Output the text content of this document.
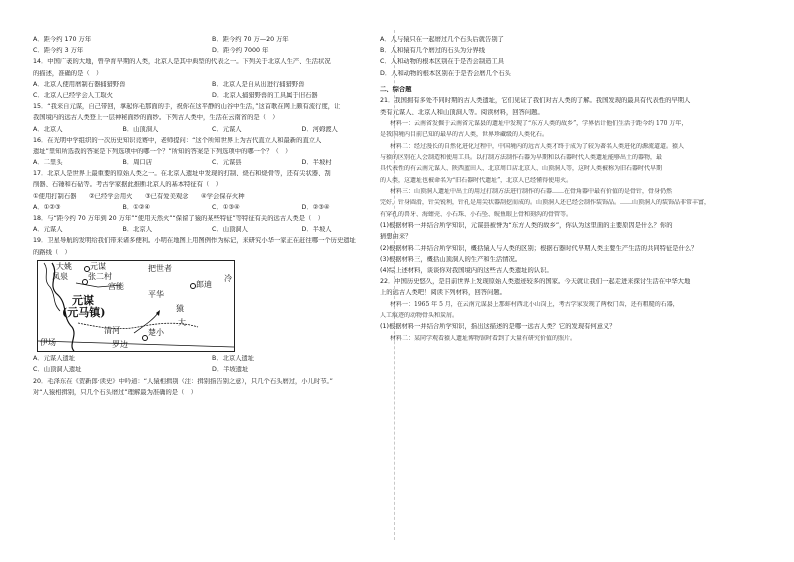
A．距今约 170 万年	B．距今约 70 万—20 万年
C．距今约 3 万年	D．距今约 7000 年
14．中国广袤的大地，曾孕育早期的人类，北京人是其中典型的代表之一。下列关于北京人生产、生活状况
的描述，准确的是（　）
A．北京人使用磨制石器捕猎野兽	B．北京人是自从出进行捕猎野兽
C．北京人已经学会人工取火	D．北京人捕猎野兽的工具属于旧石器
15．“我来自元谋，自己带回，拿起你毛那面的手，祝你在这平静的山谷中生活，”这首歌在网上颇有流行度，让
我国境内的远古人类登上一层神秘面纱的面纱。下列古人类中，生活在云南省的是（　）
A．北京人	B．山顶洞人	C．元谋人	D．河姆渡人
16．在光明中学组织的一次历史知识竞赛中，老师提问：“这个所知世界上为古代直立人和最新的直立人
遗址”里知所选我的答案是下列选项中的哪一个？”所知的答案是下列选项中的哪一个？（　）
A．二里头	B．周口店	C．元谋县	D．半坡村
17．北京人是世界上最重要的原始人类之一。在北京人遗址中发现的打制、烧石和烧骨等，还有尖状器、刮
削器、石锤和石砧等。考古学家据此推断北京人的基本特征有（　）
①使用打制石器　　②已经学会用火　　③已有爱美观念　　④学会保存火种
A．①②③	B．①②④	C．①③④	D．②③④
18．与“距今约 70 万年到 20 万年”“使用天然火”“保留了猿的某些特征”等特征有关的远古人类是（　）
A．元谋人	B．北京人	C．山顶洞人	D．半坡人
19．卫星导航的发明给我们带来诸多便利。小明在地图上用图例作为标记，来研究小华一家正在赶往哪一个历史遗址
的路线（　）
大姚 元谋
凤泉	张二村
宫能
把世者
冷
郎迪
平华
元谋
(元马镇)
清河	楚小
猿
大
伊场	罗边
A．元谋人遗址	B．北京人遗址
C．山顶洞人遗址	D．半坡遗址
20．毛泽东在《贺新郎·读史》中吟道：“人猿相揖别（注：揖别指告别之意），只几个石头磨过，小儿时节。”
对“人猿相揖别，只几个石头磨过”理解最为准确的是（　）
A．人与猿只在一起磨过几个石头后就告别了
B．人和猿有几个磨过的石头为分界线
C．人和动物的根本区别在于是否会制造工具
D．人和动物的根本区别在于是否会磨几个石头
二、综合题
21．我国拥有多处不同时期的古人类遗址，它们见证了我们对古人类的了解。我国发现的最具有代表性的早期人
类有元谋人、北京人和山顶洞人等。阅读材料，回答问题。
材料一：云南省发掘于云南省元谋县的遗址中发现了“东方人类的故乡”，学界估计他们生活于距今约 170 万年，
是我国境内目前已知的最早的古人类，世界珍藏级的人类化石。
材料二：经过漫长的自然化进化过程中，中国境内的远古人类才终于成为了较为著名人类进化的源流道道。猿人
与猿的区别在人会制造和使用工具。以打制方法制作石器为早期和以石器时代人类遗址能够出土的器物，最
具代表性的有云南元谋人、陕西蓝田人、北京周口店北京人、山顶洞人等，这时人类被称为旧石器时代早期
的人类，这遗址也被命名为“旧石器时代遗址”，北京人已经懂得使用火。
材料三：山顶洞人遗址中出土的用过打制方法进行制作的石器……在骨角器中最有价值的是骨针，骨身仍然
完好，针身圆滑，针尖锐利，针孔是用尖状器刮挖而成的。山顶洞人还已经会制作装饰品。……山顶洞人的装饰品非常丰富，
有穿孔的兽牙、海蚶壳、小石珠、小石坠、鲩鱼眼上骨和刻沟的骨管等。
(1)根据材料一并结合所学知识，元谋县被誉为“东方人类的故乡”，你认为这里面的主要原因是什么？你的
猜想由来？
(2)根据材料二并结合所学知识，概括猿人与人类的区别；根据石器时代早期人类主要生产生活的共同特征是什么？
(3)根据材料三，概括山顶洞人的生产和生活情况。
(4)综上述材料，谈谈你对我国境内的这些古人类遗址的认识。
22．中国历史悠久，是目前世界上发现原始人类遗迹较多的国家。今天就让我们一起走进来探讨生活在中华大地
上的远古人类吧！阅读下列材料，回答问题。
材料一：1965 年 5 月，在云南元谋县上那蚌村西北小山岗上，考古学家发现了两枚门齿，还有粗糙的石器，
人工痕迹的动物骨头和炭屑。
(1)根据材料一并结合所学知识，指出这描述的是哪一远古人类？它的发现有何意义？
材料二：某同学观看猿人遗址博物馆时看到了大量有研究价值的照片。
